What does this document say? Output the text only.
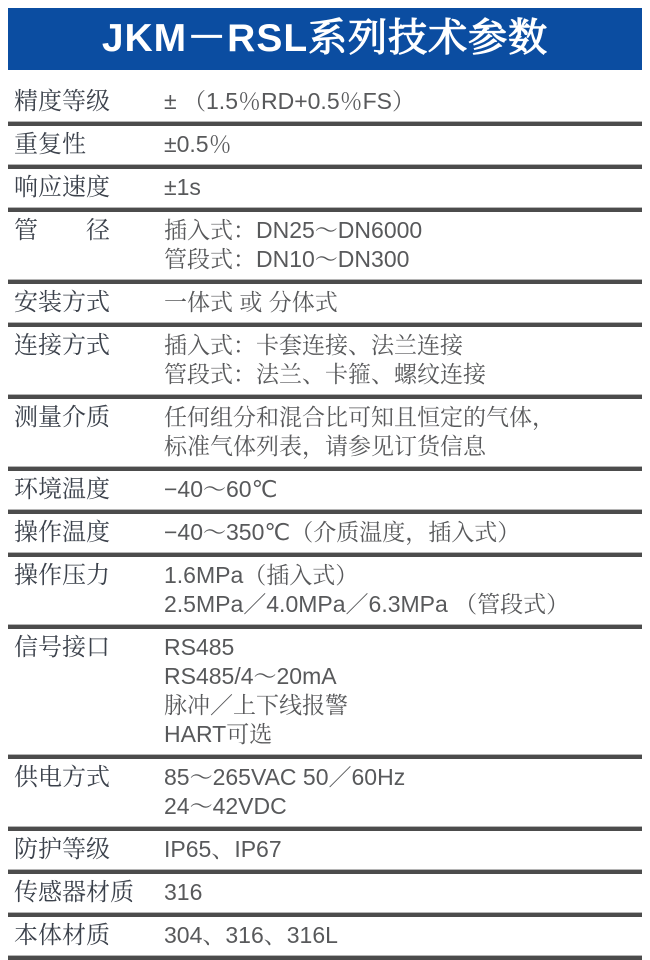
JKM－RSL系列技术参数
精度等级	± （1.5％RD+0.5％FS）
重复性	±0.5％
响应速度	±1s
管　　径	插入式：DN25～DN6000
管段式：DN10～DN300
安装方式	一体式 或 分体式
连接方式	插入式：卡套连接、法兰连接
管段式：法兰、卡箍、螺纹连接
测量介质	任何组分和混合比可知且恒定的气体，
标准气体列表，请参见订货信息
环境温度	−40～60℃
操作温度	−40～350℃（介质温度，插入式）
操作压力	1.6MPa（插入式）
2.5MPa／4.0MPa／6.3MPa （管段式）
信号接口	RS485
RS485/4～20mA
脉冲／上下线报警
HART可选
供电方式	85～265VAC 50／60Hz
24～42VDC
防护等级	IP65、IP67
传感器材质	316
本体材质	304、316、316L
